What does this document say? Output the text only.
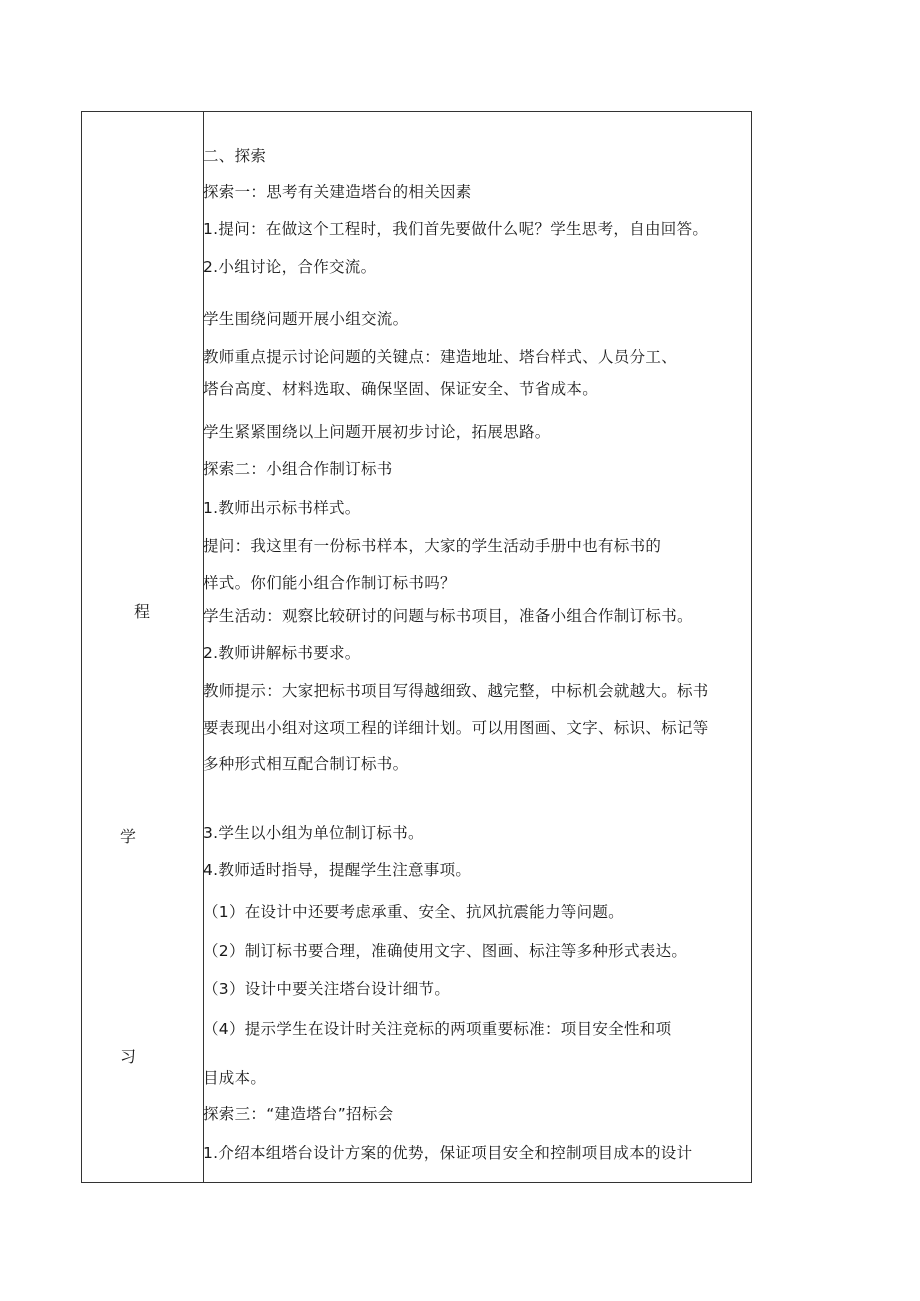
程
学
习
二、探索
探索一：思考有关建造塔台的相关因素
1.提问：在做这个工程时，我们首先要做什么呢？学生思考，自由回答。
2.小组讨论，合作交流。
学生围绕问题开展小组交流。
教师重点提示讨论问题的关键点：建造地址、塔台样式、人员分工、
塔台高度、材料选取、确保坚固、保证安全、节省成本。
学生紧紧围绕以上问题开展初步讨论，拓展思路。
探索二：小组合作制订标书
1.教师出示标书样式。
提问：我这里有一份标书样本，大家的学生活动手册中也有标书的
样式。你们能小组合作制订标书吗？
学生活动：观察比较研讨的问题与标书项目，准备小组合作制订标书。
2.教师讲解标书要求。
教师提示：大家把标书项目写得越细致、越完整，中标机会就越大。标书
要表现出小组对这项工程的详细计划。可以用图画、文字、标识、标记等
多种形式相互配合制订标书。
3.学生以小组为单位制订标书。
4.教师适时指导，提醒学生注意事项。
（1）在设计中还要考虑承重、安全、抗风抗震能力等问题。
（2）制订标书要合理，准确使用文字、图画、标注等多种形式表达。
（3）设计中要关注塔台设计细节。
（4）提示学生在设计时关注竞标的两项重要标准：项目安全性和项
目成本。
探索三：“建造塔台”招标会
1.介绍本组塔台设计方案的优势，保证项目安全和控制项目成本的设计
